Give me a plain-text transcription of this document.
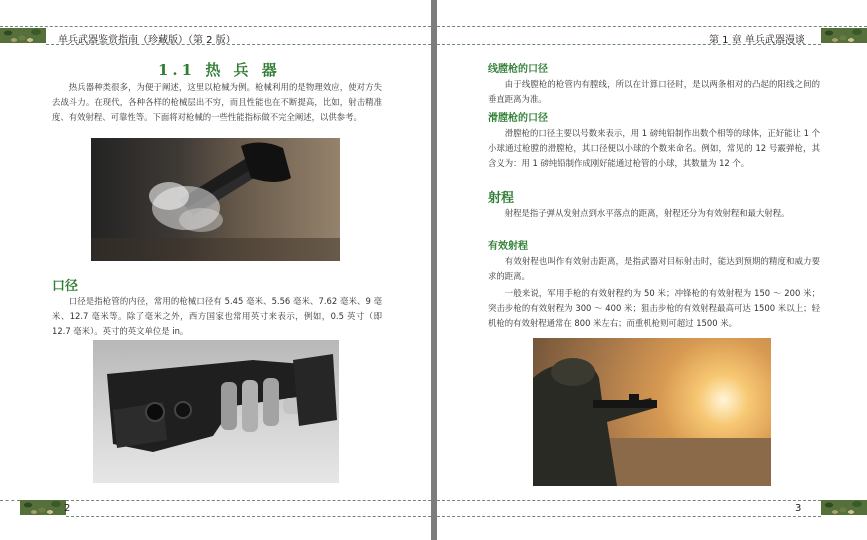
单兵武器鉴赏指南（珍藏版）（第 2 版）
1.1 热 兵 器

热兵器种类很多，为便于阐述，这里以枪械为例。枪械利用的是物理效应，使对方失去战斗力。在现代，各种各样的枪械层出不穷，而且性能也在不断提高，比如，射击精准度、有效射程、可靠性等。下面将对枪械的一些性能指标做不完全阐述，以供参考。

口径

口径是指枪管的内径，常用的枪械口径有 5.45 毫米、5.56 毫米、7.62 毫米、9 毫米、12.7 毫米等。除了毫米之外，西方国家也常用英寸来表示，例如，0.5 英寸（即 12.7 毫米）。英寸的英文单位是 in。

2
第 1 章 单兵武器漫谈
线膛枪的口径

由于线膛枪的枪管内有膛线，所以在计算口径时，是以两条相对的凸起的阳线之间的垂直距离为准。

滑膛枪的口径

滑膛枪的口径主要以号数来表示，用 1 磅纯铅制作出数个相等的球体，正好能让 1 个小球通过枪膛的滑膛枪，其口径便以小球的个数来命名。例如，常见的 12 号霰弹枪，其含义为：用 1 磅纯铅制作成刚好能通过枪管的小球，其数量为 12 个。

射程

射程是指子弹从发射点到水平落点的距离，射程还分为有效射程和最大射程。

有效射程

有效射程也叫作有效射击距离，是指武器对目标射击时，能达到预期的精度和威力要求的距离。

一般来说，军用手枪的有效射程约为 50 米；冲锋枪的有效射程为 150 ～ 200 米；突击步枪的有效射程为 300 ～ 400 米；狙击步枪的有效射程最高可达 1500 米以上；轻机枪的有效射程通常在 800 米左右；而重机枪则可超过 1500 米。

3
